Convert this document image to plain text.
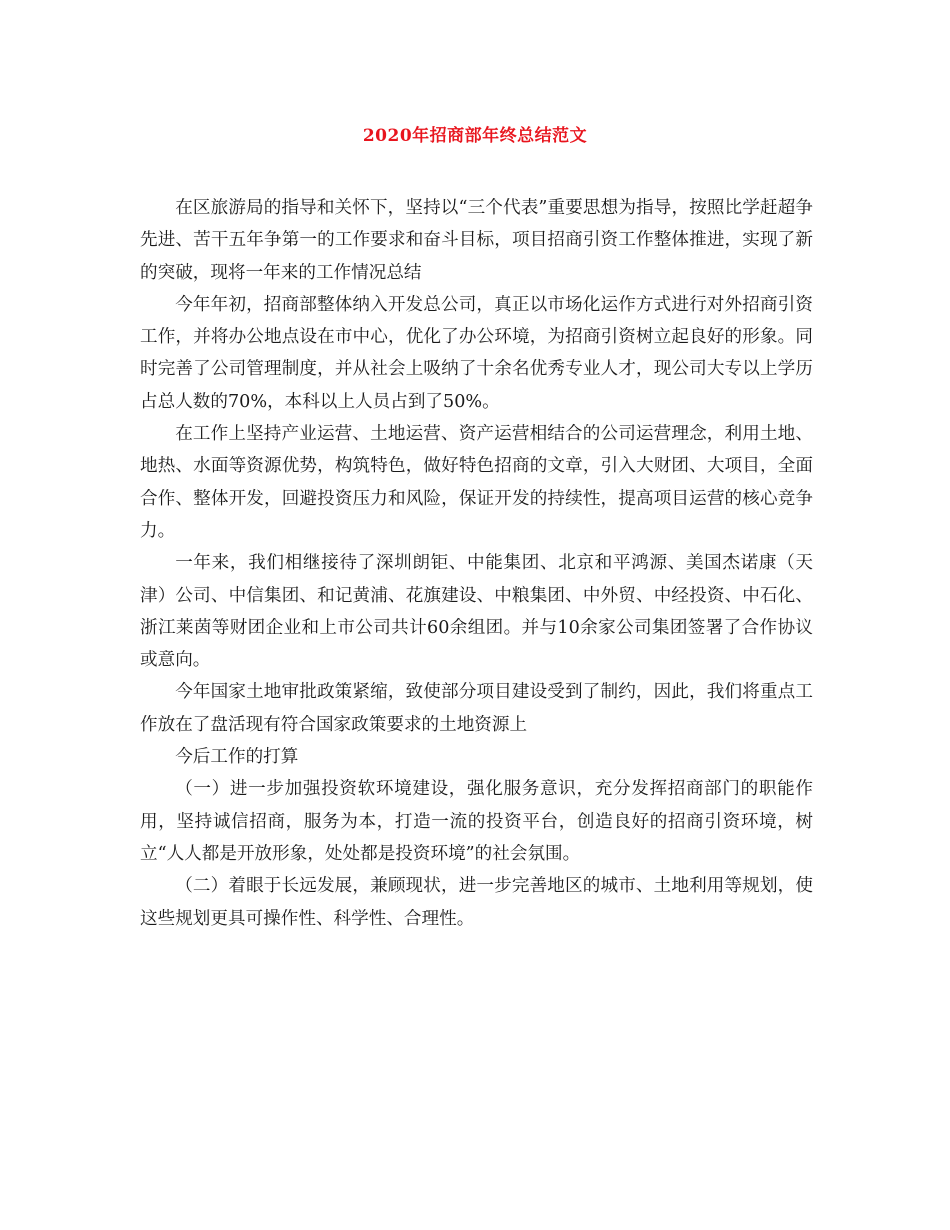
2020年招商部年终总结范文

在区旅游局的指导和关怀下，坚持以“三个代表”重要思想为指导，按照比学赶超争先进、苦干五年争第一的工作要求和奋斗目标，项目招商引资工作整体推进，实现了新的突破，现将一年来的工作情况总结

今年年初，招商部整体纳入开发总公司，真正以市场化运作方式进行对外招商引资工作，并将办公地点设在市中心，优化了办公环境，为招商引资树立起良好的形象。同时完善了公司管理制度，并从社会上吸纳了十余名优秀专业人才，现公司大专以上学历占总人数的70%，本科以上人员占到了50%。

在工作上坚持产业运营、土地运营、资产运营相结合的公司运营理念，利用土地、地热、水面等资源优势，构筑特色，做好特色招商的文章，引入大财团、大项目，全面合作、整体开发，回避投资压力和风险，保证开发的持续性，提高项目运营的核心竞争力。

一年来，我们相继接待了深圳朗钜、中能集团、北京和平鸿源、美国杰诺康（天津）公司、中信集团、和记黄浦、花旗建设、中粮集团、中外贸、中经投资、中石化、浙江莱茵等财团企业和上市公司共计60余组团。并与10余家公司集团签署了合作协议或意向。

今年国家土地审批政策紧缩，致使部分项目建设受到了制约，因此，我们将重点工作放在了盘活现有符合国家政策要求的土地资源上

今后工作的打算

（一）进一步加强投资软环境建设，强化服务意识，充分发挥招商部门的职能作用，坚持诚信招商，服务为本，打造一流的投资平台，创造良好的招商引资环境，树立“人人都是开放形象，处处都是投资环境”的社会氛围。

（二）着眼于长远发展，兼顾现状，进一步完善地区的城市、土地利用等规划，使这些规划更具可操作性、科学性、合理性。
